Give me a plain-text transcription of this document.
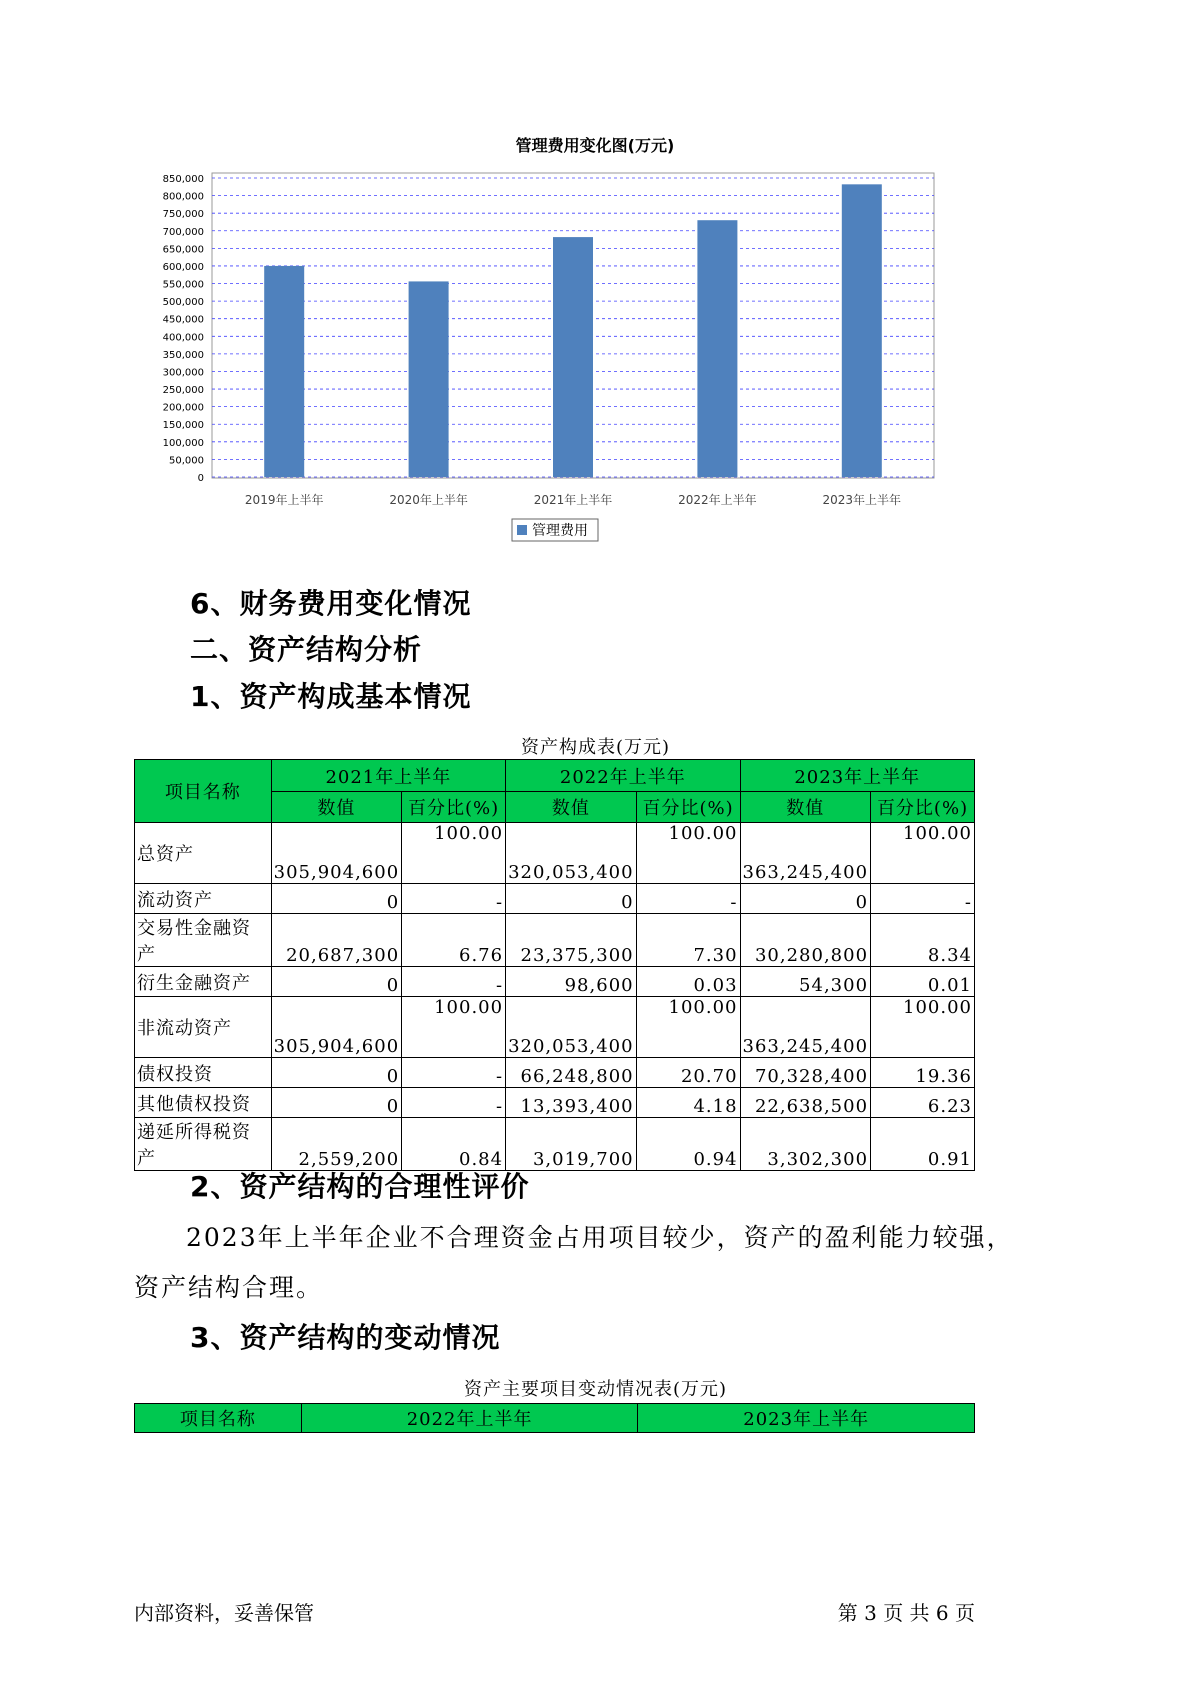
管理费用变化图(万元)
0
50,000
100,000
150,000
200,000
250,000
300,000
350,000
400,000
450,000
500,000
550,000
600,000
650,000
700,000
750,000
800,000
850,000
2019年上半年	2020年上半年	2021年上半年	2022年上半年	2023年上半年
管理费用
6、财务费用变化情况
二、资产结构分析
1、资产构成基本情况
资产构成表(万元)
项目名称	2021年上半年		2022年上半年		2023年上半年	
	数值	百分比(%)	数值	百分比(%)	数值	百分比(%)
总资产	305,904,600	100.00	320,053,400	100.00	363,245,400	100.00
流动资产	0	-	0	-	0	-
交易性金融资产	20,687,300	6.76	23,375,300	7.30	30,280,800	8.34
衍生金融资产	0	-	98,600	0.03	54,300	0.01
非流动资产	305,904,600	100.00	320,053,400	100.00	363,245,400	100.00
债权投资	0	-	66,248,800	20.70	70,328,400	19.36
其他债权投资	0	-	13,393,400	4.18	22,638,500	6.23
递延所得税资产	2,559,200	0.84	3,019,700	0.94	3,302,300	0.91
2、资产结构的合理性评价
2023年上半年企业不合理资金占用项目较少，资产的盈利能力较强，
资产结构合理。
3、资产结构的变动情况
资产主要项目变动情况表(万元)
项目名称	2022年上半年	2023年上半年
内部资料，妥善保管	第 3 页 共 6 页
